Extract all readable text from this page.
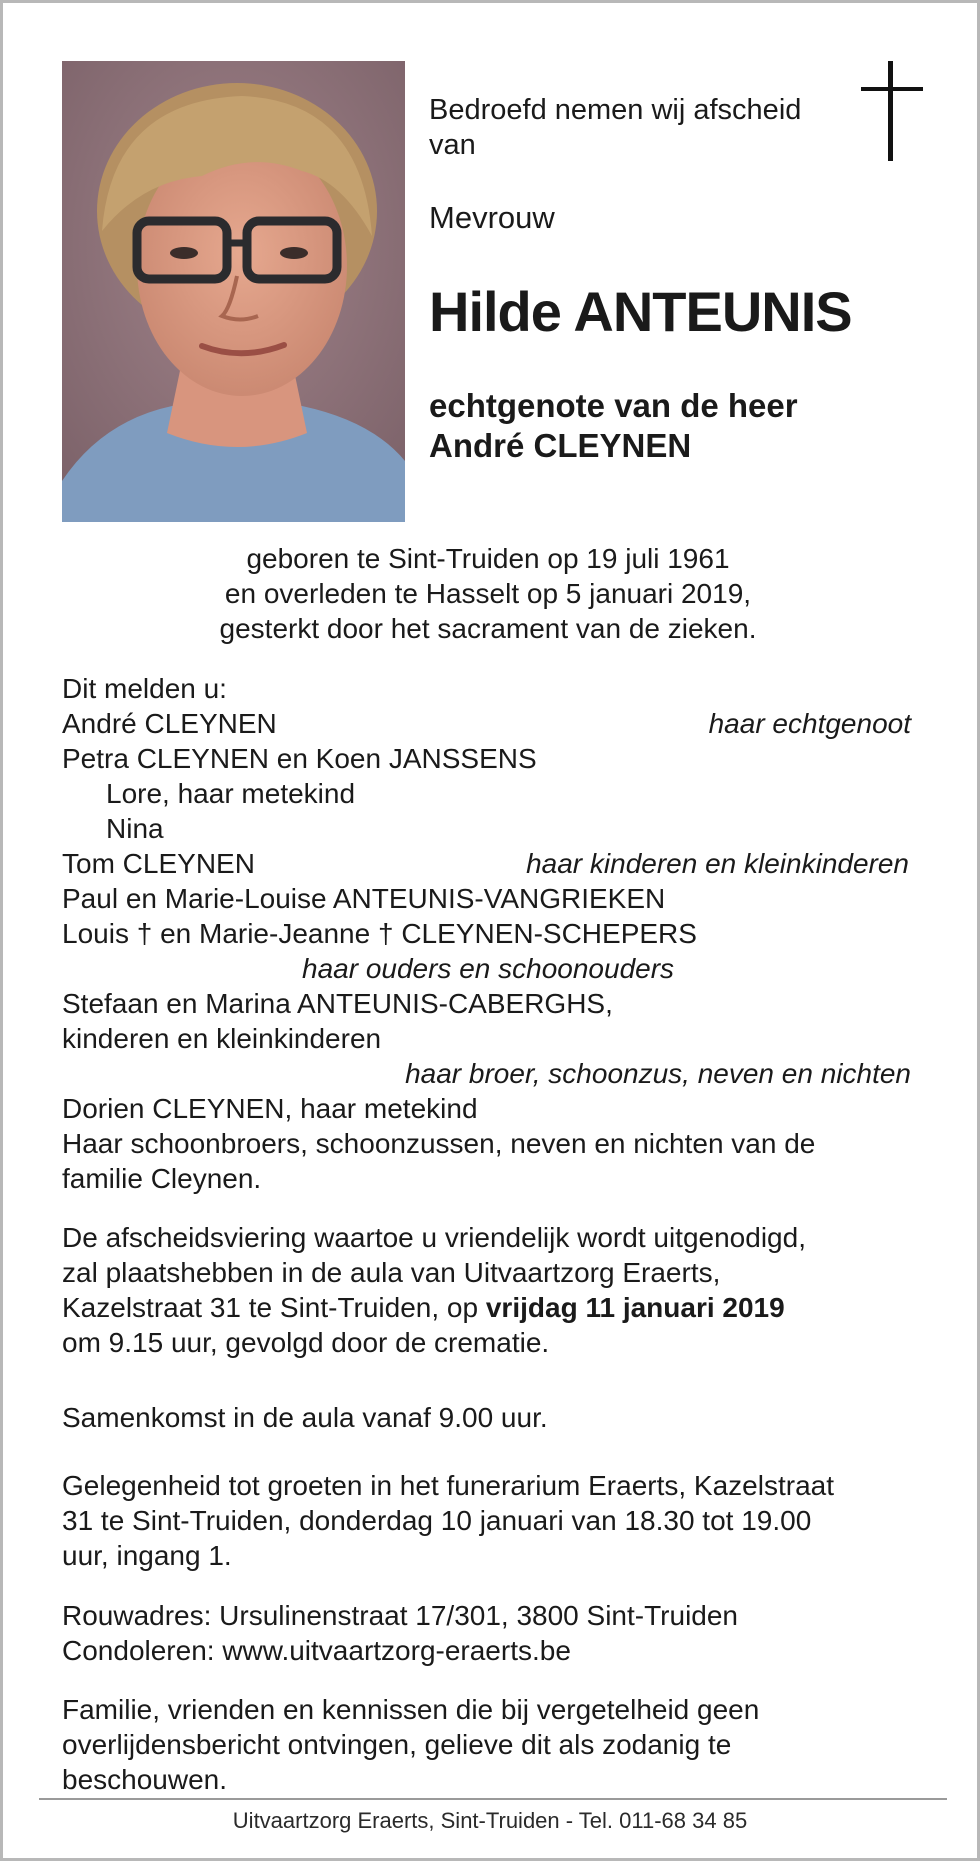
Bedroefd nemen wij afscheid van
Mevrouw
Hilde ANTEUNIS
echtgenote van de heer
André CLEYNEN
geboren te Sint-Truiden op 19 juli 1961
en overleden te Hasselt op 5 januari 2019,
gesterkt door het sacrament van de zieken.
Dit melden u:
André CLEYNEN	haar echtgenoot
Petra CLEYNEN en Koen JANSSENS
Lore, haar metekind
Nina
Tom CLEYNEN	haar kinderen en kleinkinderen
Paul en Marie-Louise ANTEUNIS-VANGRIEKEN
Louis † en Marie-Jeanne † CLEYNEN-SCHEPERS
haar ouders en schoonouders
Stefaan en Marina ANTEUNIS-CABERGHS,
kinderen en kleinkinderen
haar broer, schoonzus, neven en nichten
Dorien CLEYNEN, haar metekind
Haar schoonbroers, schoonzussen, neven en nichten van de
familie Cleynen.
De afscheidsviering waartoe u vriendelijk wordt uitgenodigd,
zal plaatshebben in de aula van Uitvaartzorg Eraerts,
Kazelstraat 31 te Sint-Truiden, op vrijdag 11 januari 2019
om 9.15 uur, gevolgd door de crematie.
Samenkomst in de aula vanaf 9.00 uur.
Gelegenheid tot groeten in het funerarium Eraerts, Kazelstraat
31 te Sint-Truiden, donderdag 10 januari van 18.30 tot 19.00
uur, ingang 1.
Rouwadres: Ursulinenstraat 17/301, 3800 Sint-Truiden
Condoleren: www.uitvaartzorg-eraerts.be
Familie, vrienden en kennissen die bij vergetelheid geen
overlijdensbericht ontvingen, gelieve dit als zodanig te
beschouwen.
Uitvaartzorg Eraerts, Sint-Truiden - Tel. 011-68 34 85
